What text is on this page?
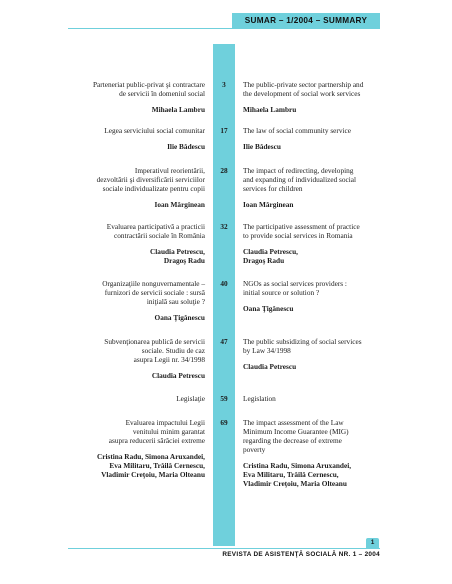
SUMAR – 1/2004 – SUMMARY
Parteneriat public-privat şi contractare
de servicii în domeniul social
Mihaela Lambru
3	The public-private sector partnership and
the development of social work services
Mihaela Lambru
Legea serviciului social comunitar
Ilie Bădescu
17	The law of social community service
Ilie Bădescu
Imperativul reorientării,
dezvoltării şi diversificării serviciilor
sociale individualizate pentru copii
Ioan Mărginean
28	The impact of redirecting, developing
and expanding of individualized social
services for children
Ioan Mărginean
Evaluarea participativă a practicii
contractării sociale în România
Claudia Petrescu,
Dragoş Radu
32	The participative assessment of practice
to provide social services in Romania
Claudia Petrescu,
Dragoş Radu
Organizaţiile nonguvernamentale –
furnizori de servicii sociale : sursă
iniţială sau soluţie ?
Oana Ţigănescu
40	NGOs as social services providers :
initial source or solution ?
Oana Ţigănescu
Subvenţionarea publică de servicii
sociale. Studiu de caz
asupra Legii nr. 34/1998
Claudia Petrescu
47	The public subsidizing of social services
by Law 34/1998
Claudia Petrescu
Legislaţie	59	Legislation
Evaluarea impactului Legii
venitului minim garantat
asupra reducerii sărăciei extreme
Cristina Radu, Simona Aruxandei,
Eva Militaru, Trăilă Cernescu,
Vladimir Creţoiu, Maria Olteanu
69	The impact assessment of the Law
Minimum Income Guarantee (MIG)
regarding the decrease of extreme
poverty
Cristina Radu, Simona Aruxandei,
Eva Militaru, Trăilă Cernescu,
Vladimir Creţoiu, Maria Olteanu
1
REVISTA DE ASISTENŢĂ SOCIALĂ NR. 1 – 2004
